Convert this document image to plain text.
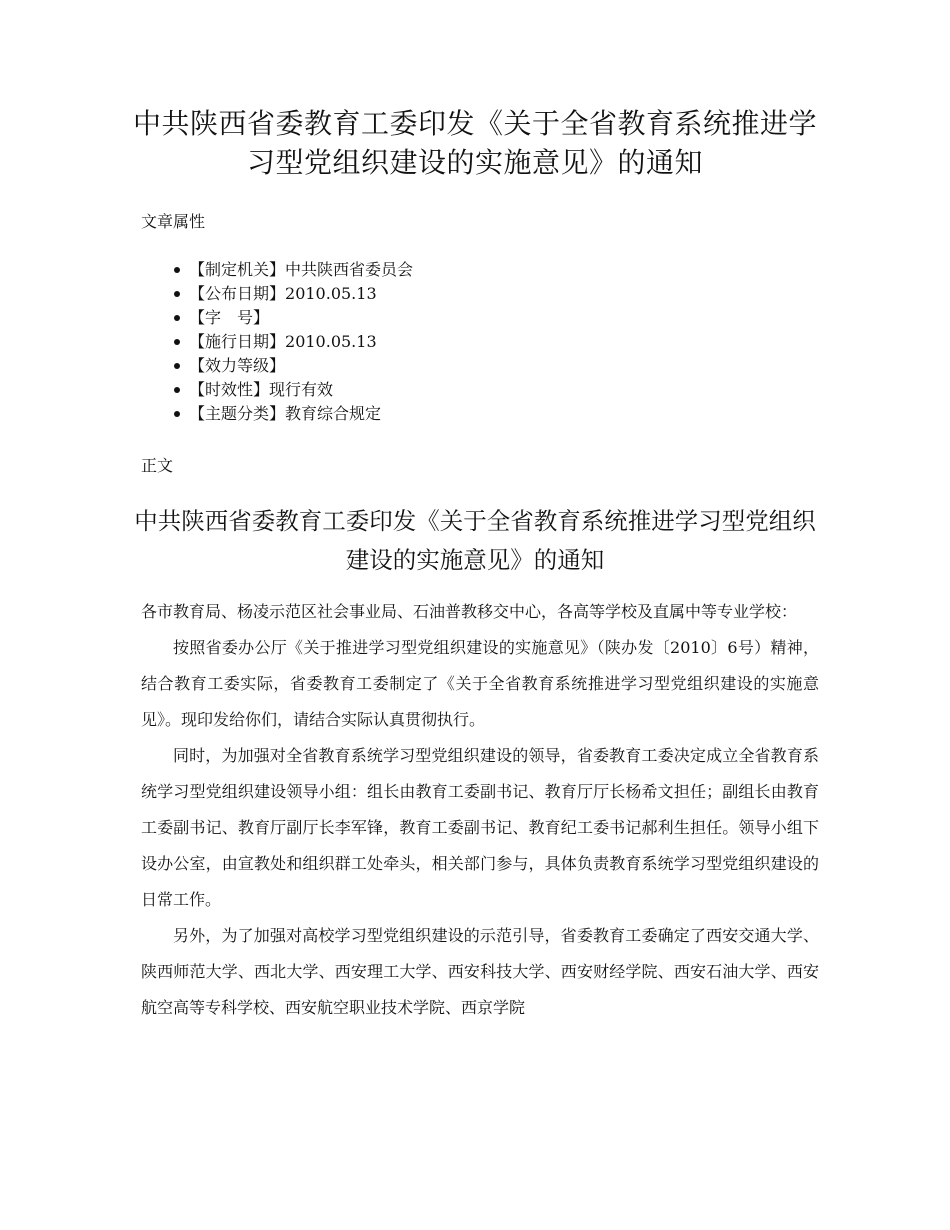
中共陕西省委教育工委印发《关于全省教育系统推进学习型党组织建设的实施意见》的通知

文章属性

【制定机关】中共陕西省委员会
【公布日期】2010.05.13
【字　号】
【施行日期】2010.05.13
【效力等级】
【时效性】现行有效
【主题分类】教育综合规定

正文

中共陕西省委教育工委印发《关于全省教育系统推进学习型党组织建设的实施意见》的通知

各市教育局、杨凌示范区社会事业局、石油普教移交中心，各高等学校及直属中等专业学校：

按照省委办公厅《关于推进学习型党组织建设的实施意见》（陕办发〔2010〕6号）精神，结合教育工委实际，省委教育工委制定了《关于全省教育系统推进学习型党组织建设的实施意见》。现印发给你们，请结合实际认真贯彻执行。

同时，为加强对全省教育系统学习型党组织建设的领导，省委教育工委决定成立全省教育系统学习型党组织建设领导小组：组长由教育工委副书记、教育厅厅长杨希文担任；副组长由教育工委副书记、教育厅副厅长李军锋，教育工委副书记、教育纪工委书记郝利生担任。领导小组下设办公室，由宣教处和组织群工处牵头，相关部门参与，具体负责教育系统学习型党组织建设的日常工作。

另外，为了加强对高校学习型党组织建设的示范引导，省委教育工委确定了西安交通大学、陕西师范大学、西北大学、西安理工大学、西安科技大学、西安财经学院、西安石油大学、西安航空高等专科学校、西安航空职业技术学院、西京学院
